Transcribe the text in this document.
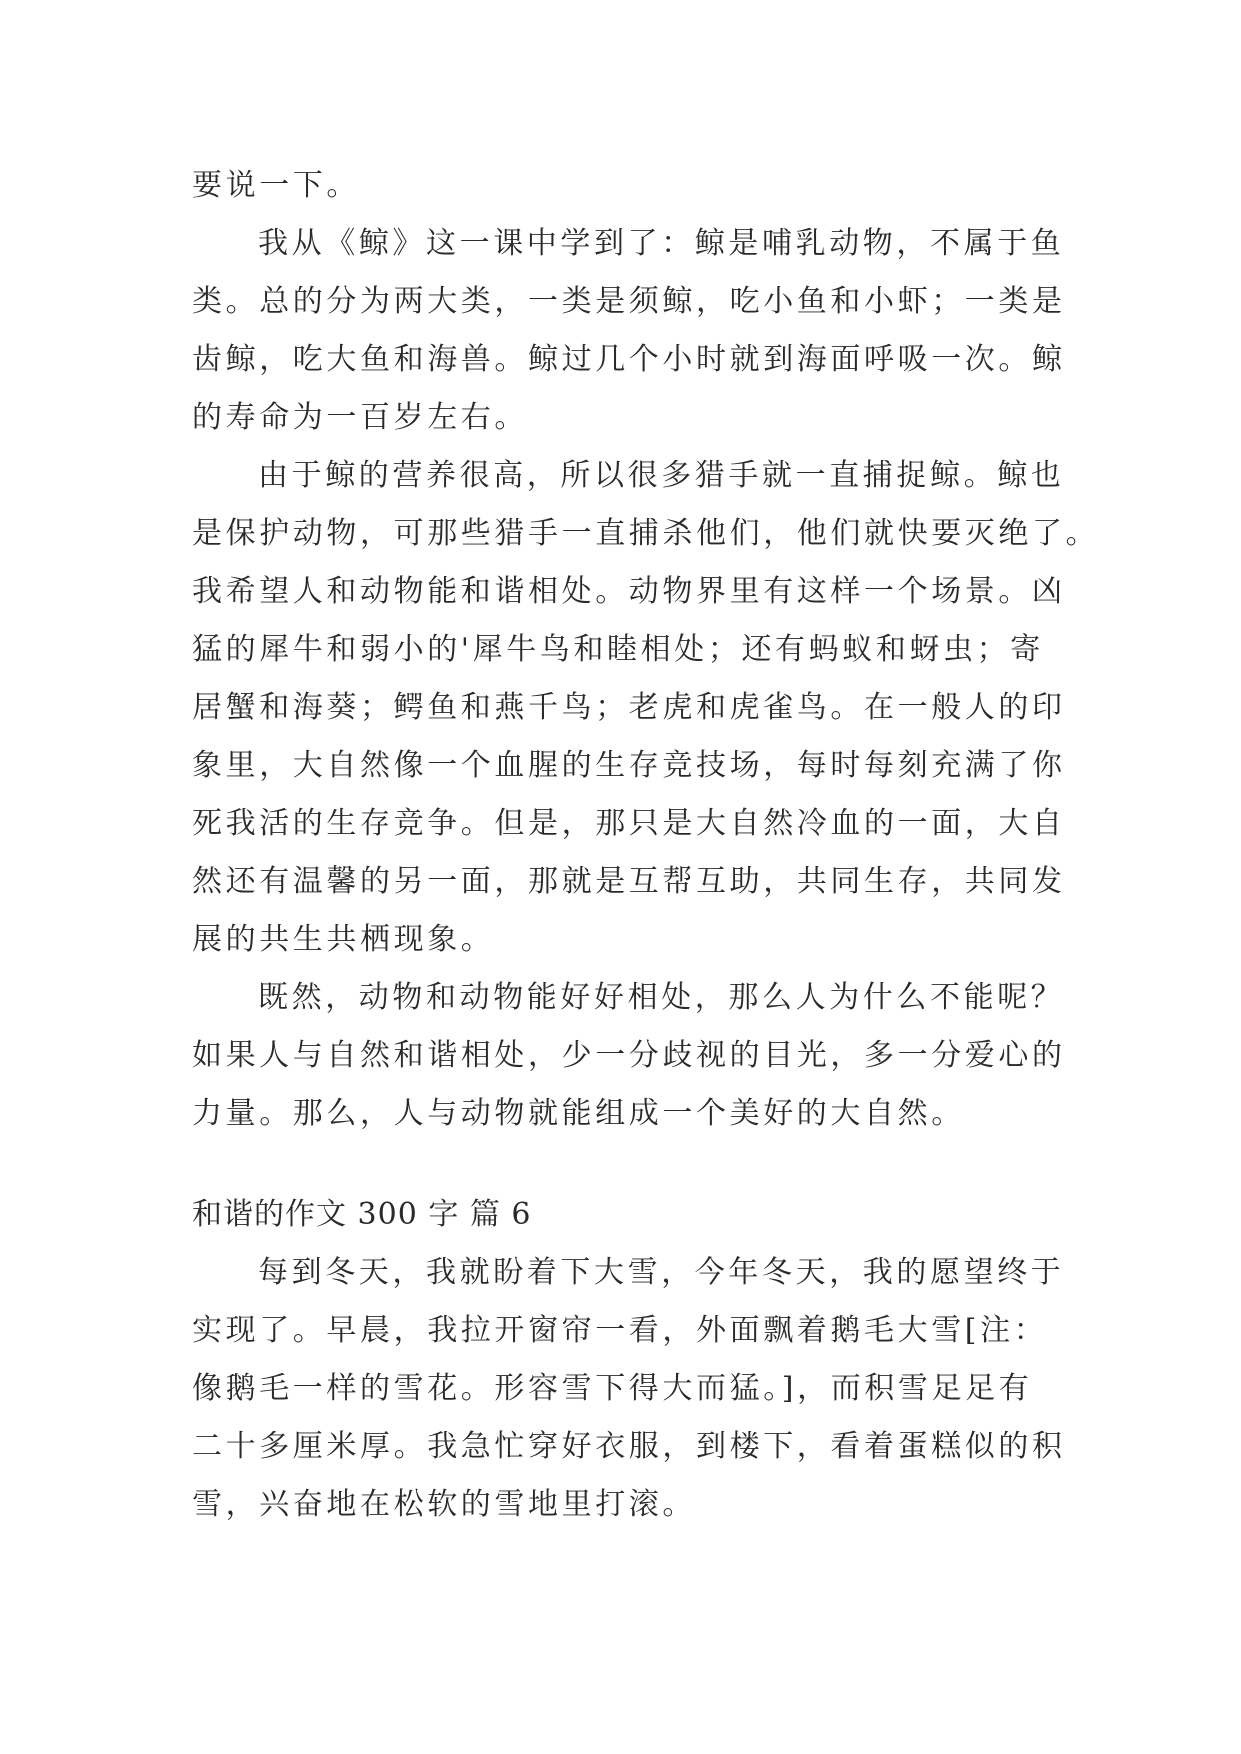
要说一下。
我从《鲸》这一课中学到了：鲸是哺乳动物，不属于鱼
类。总的分为两大类，一类是须鲸，吃小鱼和小虾；一类是
齿鲸，吃大鱼和海兽。鲸过几个小时就到海面呼吸一次。鲸
的寿命为一百岁左右。
由于鲸的营养很高，所以很多猎手就一直捕捉鲸。鲸也
是保护动物，可那些猎手一直捕杀他们，他们就快要灭绝了。
我希望人和动物能和谐相处。动物界里有这样一个场景。凶
猛的犀牛和弱小的'犀牛鸟和睦相处；还有蚂蚁和蚜虫；寄
居蟹和海葵；鳄鱼和燕千鸟；老虎和虎雀鸟。在一般人的印
象里，大自然像一个血腥的生存竞技场，每时每刻充满了你
死我活的生存竞争。但是，那只是大自然冷血的一面，大自
然还有温馨的另一面，那就是互帮互助，共同生存，共同发
展的共生共栖现象。
既然，动物和动物能好好相处，那么人为什么不能呢？
如果人与自然和谐相处，少一分歧视的目光，多一分爱心的
力量。那么，人与动物就能组成一个美好的大自然。
和谐的作文 300 字 篇 6
每到冬天，我就盼着下大雪，今年冬天，我的愿望终于
实现了。早晨，我拉开窗帘一看，外面飘着鹅毛大雪[注：
像鹅毛一样的雪花。形容雪下得大而猛。]，而积雪足足有
二十多厘米厚。我急忙穿好衣服，到楼下，看着蛋糕似的积
雪，兴奋地在松软的雪地里打滚。
